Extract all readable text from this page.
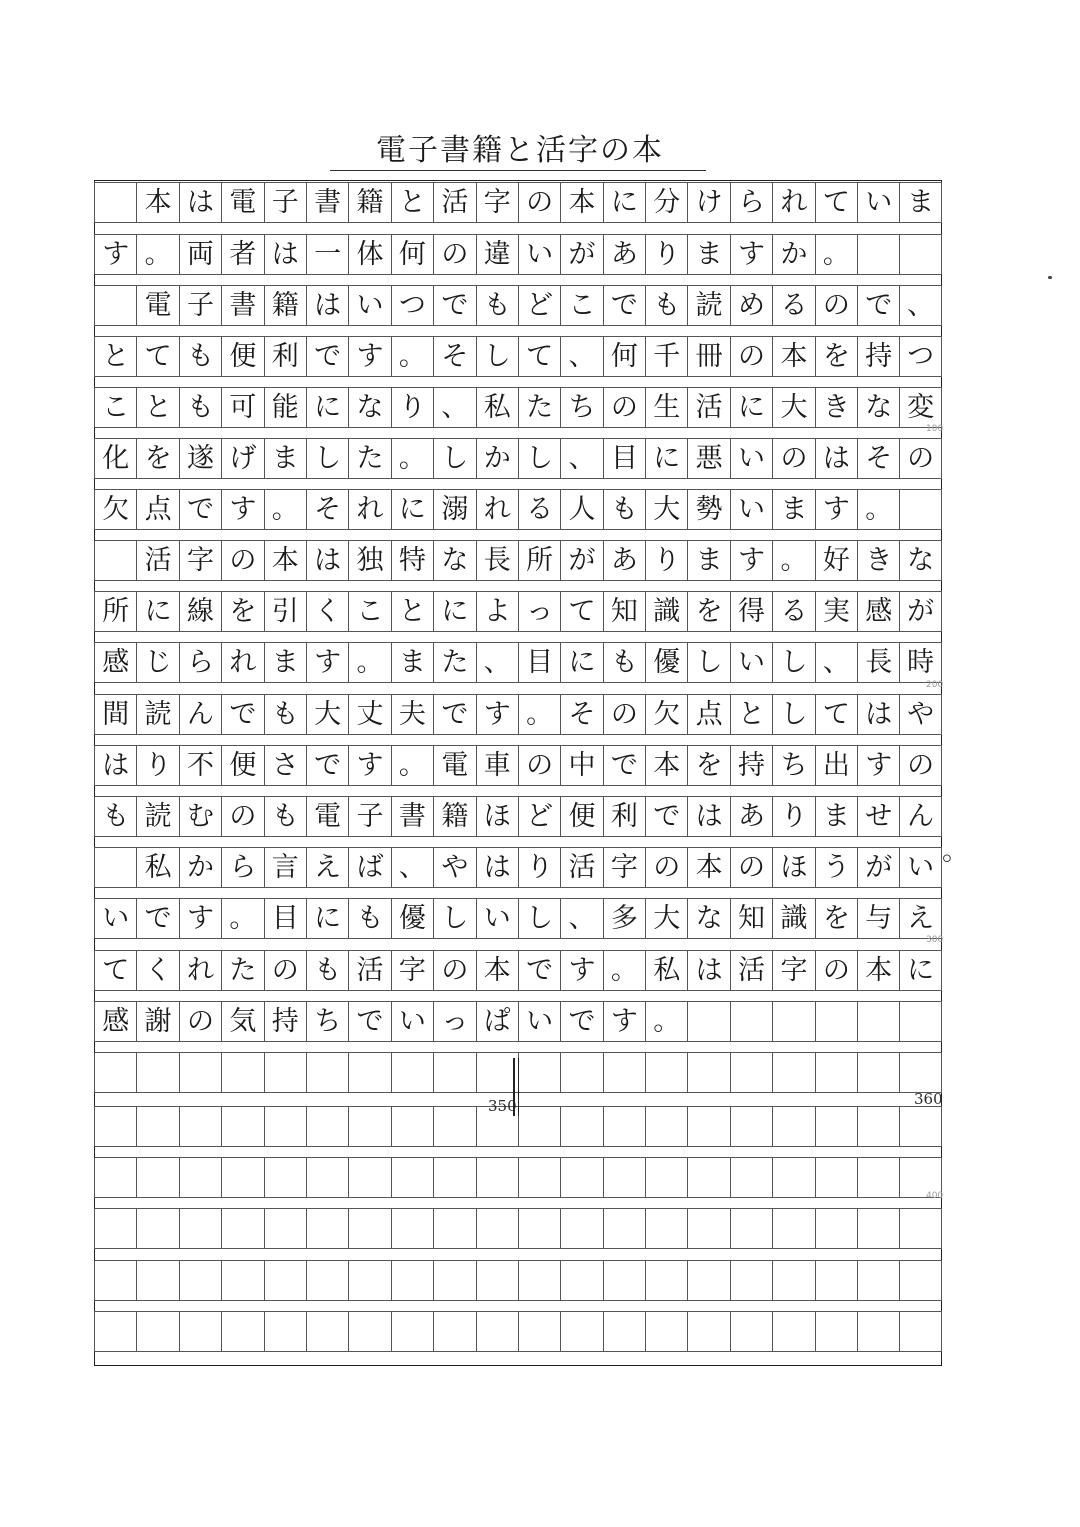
電子書籍と活字の本

本 は 電 子 書 籍 と 活 字 の 本 に 分 け ら れ て い ま
す 。 両 者 は 一 体 何 の 違 い が あ り ま す か 。

電 子 書 籍 は い つ で も ど こ で も 読 め る の で 、
と て も 便 利 で す 。 そ し て 、 何 千 冊 の 本 を 持 つ
こ と も 可 能 に な り 、 私 た ち の 生 活 に 大 き な 変
化 を 遂 げ ま し た 。 し か し 、 目 に 悪 い の は そ の
欠 点 で す 。 そ れ に 溺 れ る 人 も 大 勢 い ま す 。

活 字 の 本 は 独 特 な 長 所 が あ り ま す 。 好 き な
所 に 線 を 引 く こ と に よ っ て 知 識 を 得 る 実 感 が
感 じ ら れ ま す 。 ま た 、 目 に も 優 し い し 、 長 時
間 読 ん で も 大 丈 夫 で す 。 そ の 欠 点 と し て は や
は り 不 便 さ で す 。 電 車 の 中 で 本 を 持 ち 出 す の
も 読 む の も 電 子 書 籍 ほ ど 便 利 で は あ り ま せ ん

私 か ら 言 え ば 、 や は り 活 字 の 本 の ほ う が い
い で す 。 目 に も 優 し い し 、 多 大 な 知 識 を 与 え
て く れ た の も 活 字 の 本 で す 。 私 は 活 字 の 本 に
感 謝 の 気 持 ち で い っ ぱ い で す 。

100
200
300
400
。
350	360
